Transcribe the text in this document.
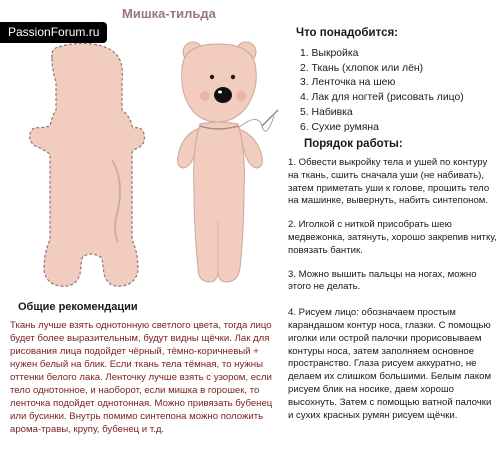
PassionForum.ru
Мишка-тильда
Общие рекомендации
Ткань лучше взять однотонную светлого цвета, тогда лицо будет более выразительным, будут видны щёчки. Лак для рисования лица подойдет чёрный, тёмно-коричневый + нужен белый на блик. Если ткань тела тёмная, то нужны оттенки белого лака. Ленточку лучше взять с узором, если тело однотонное, и наоборот, если мишка в горошек, то ленточка подойдет однотонная. Можно привязать бубенец или бусинки. Внутрь помимо синтепона можно положить арома-травы, крупу, бубенец и т.д.
Что понадобится:
1. Выкройка
2. Ткань (хлопок или лён)
3. Ленточка на шею
4. Лак для ногтей (рисовать лицо)
5. Набивка
6. Сухие румяна
Порядок работы:

1. Обвести выкройку тела и ушей по контуру на ткань, сшить сначала уши (не набивать), затем приметать уши к голове, прошить тело на машинке, вывернуть, набить синтепоном.

2. Иголкой с ниткой присобрать шею медвежонка, затянуть, хорошо закрепив нитку, повязать бантик.

3. Можно вышить пальцы на ногах, можно этого не делать.

4. Рисуем лицо: обозначаем простым карандашом контур носа, глазки. С помощью иголки или острой палочки прорисовываем контуры носа, затем заполняем основное пространство. Глаза рисуем аккуратно, не делаем их слишком большими. Белым лаком рисуем блик на носике, даем хорошо высохнуть. Затем с помощью ватной палочки и сухих красных румян рисуем щёчки.
